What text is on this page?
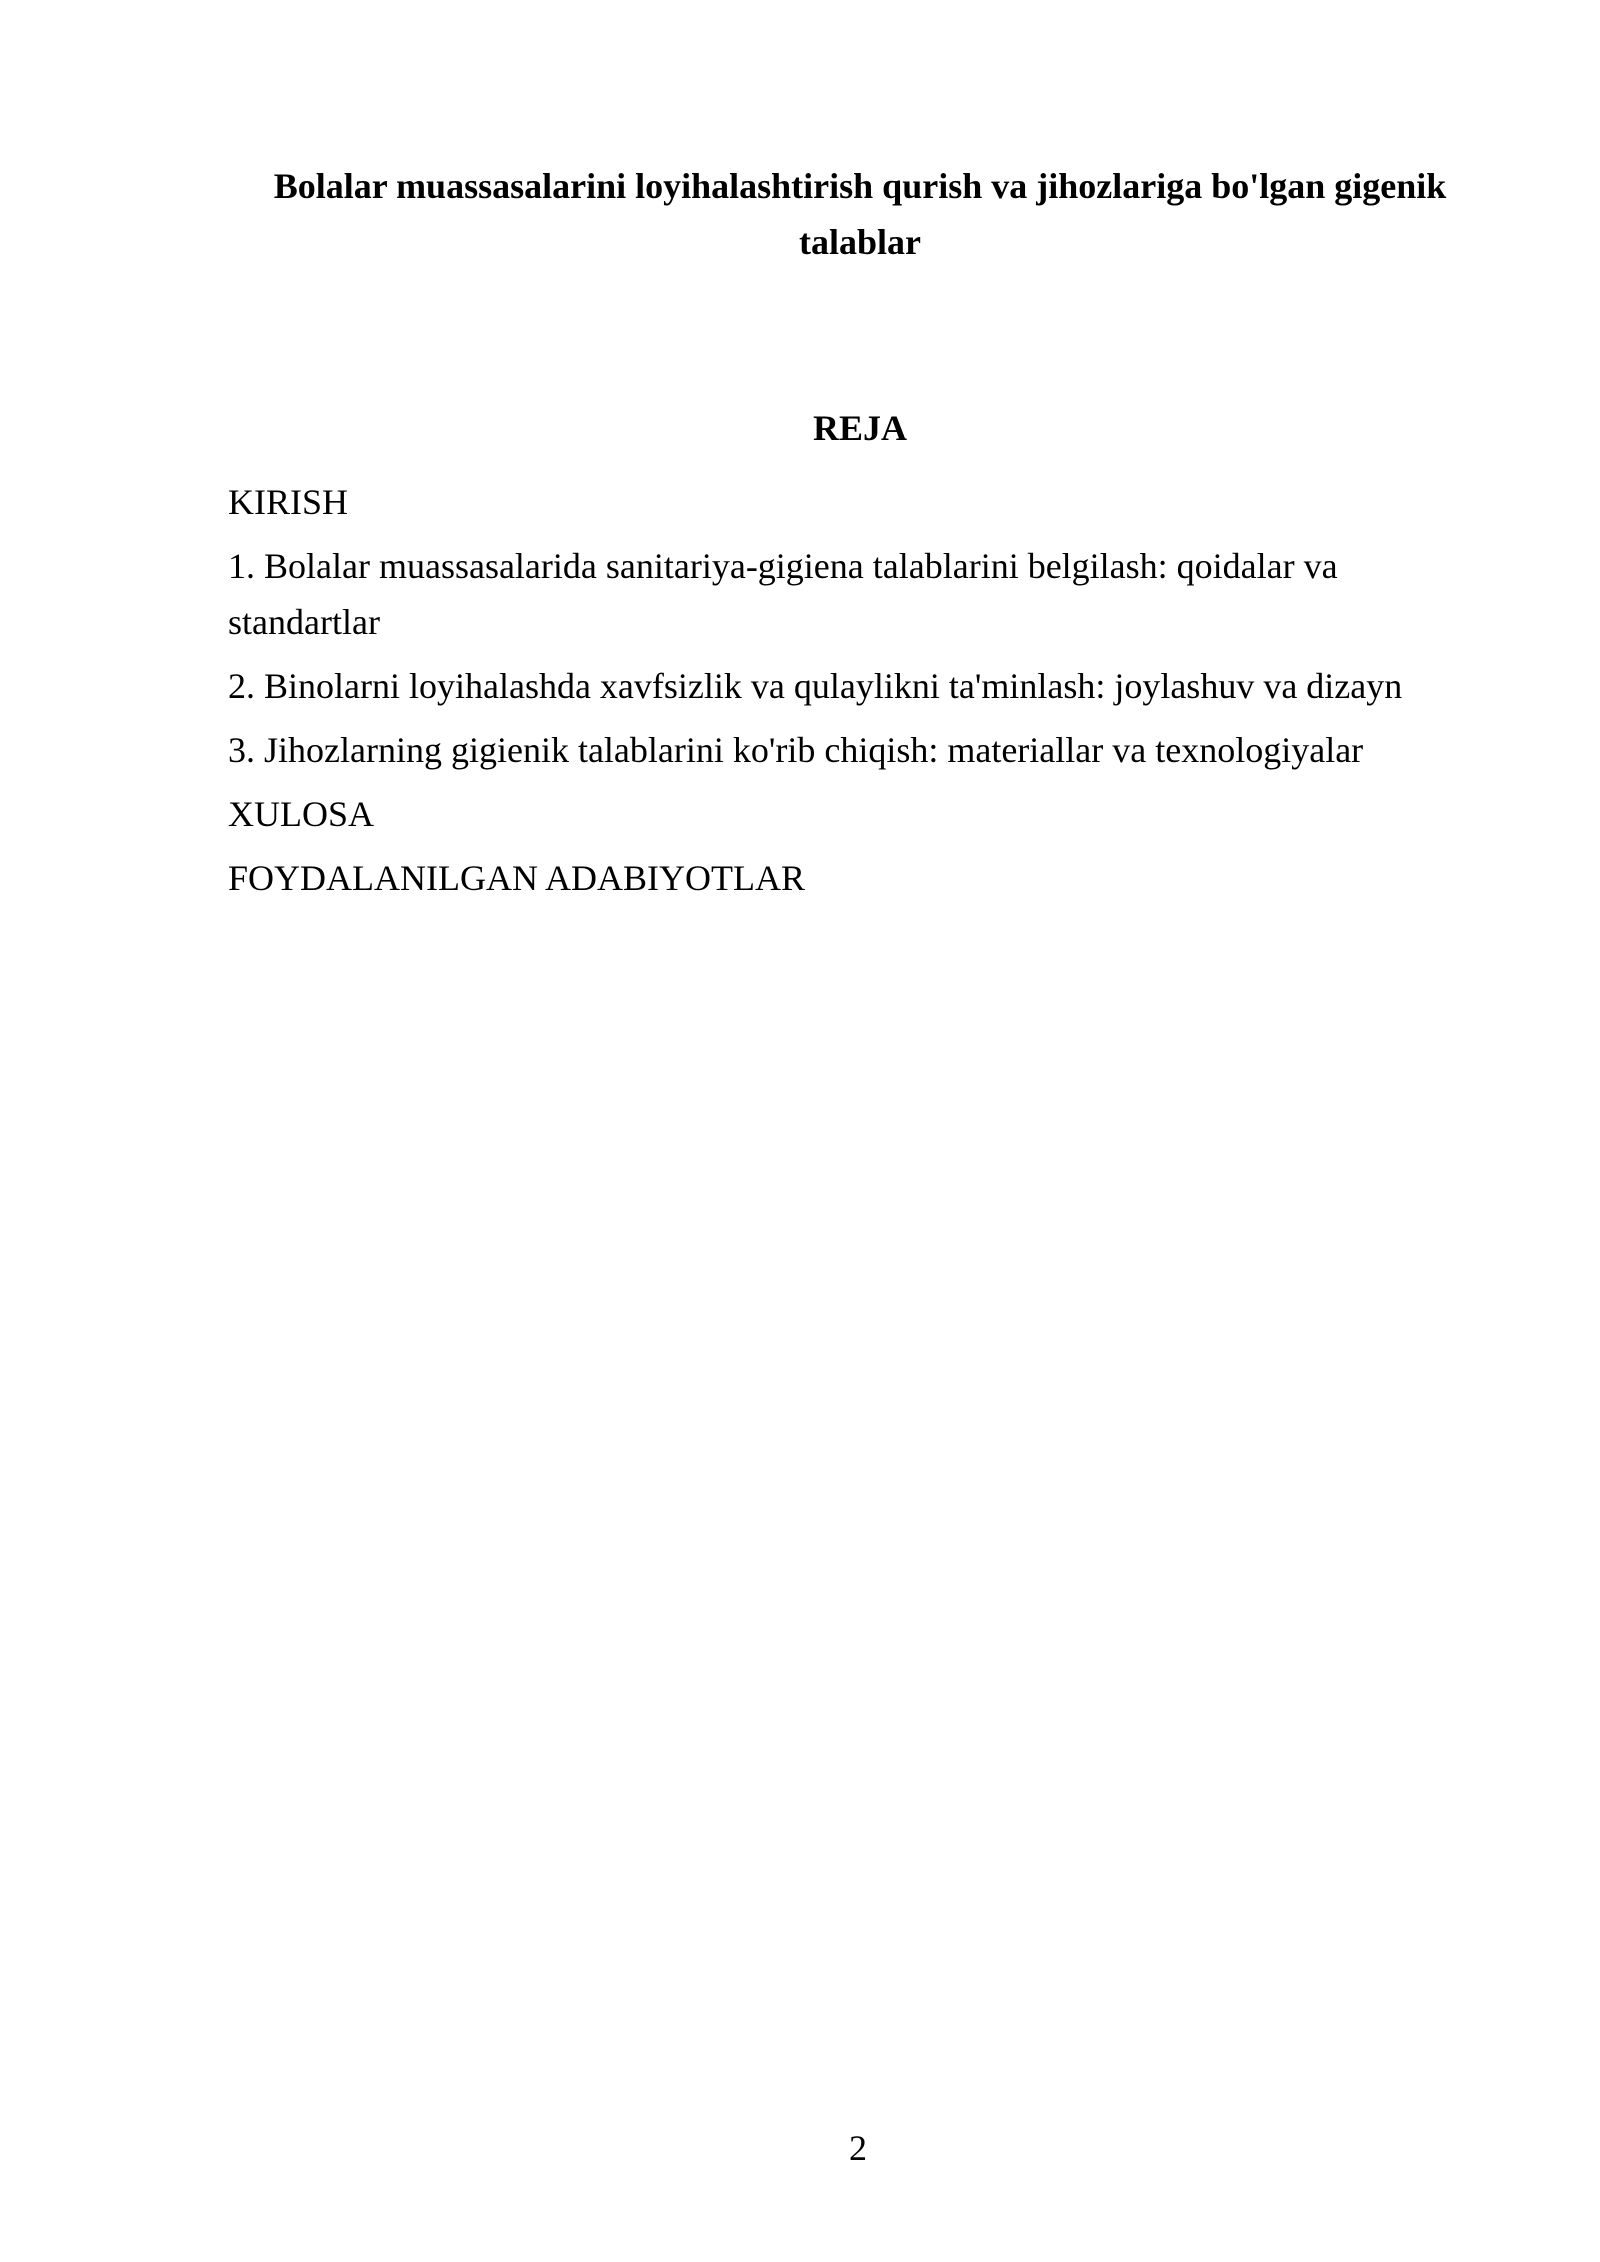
Bolalar muassasalarini loyihalashtirish qurish va jihozlariga bo'lgan gigenik talablar
REJA
KIRISH
1. Bolalar muassasalarida sanitariya-gigiena talablarini belgilash: qoidalar va standartlar
2. Binolarni loyihalashda xavfsizlik va qulaylikni ta'minlash: joylashuv va dizayn
3. Jihozlarning gigienik talablarini ko'rib chiqish: materiallar va texnologiyalar
XULOSA
FOYDALANILGAN ADABIYOTLAR
2
